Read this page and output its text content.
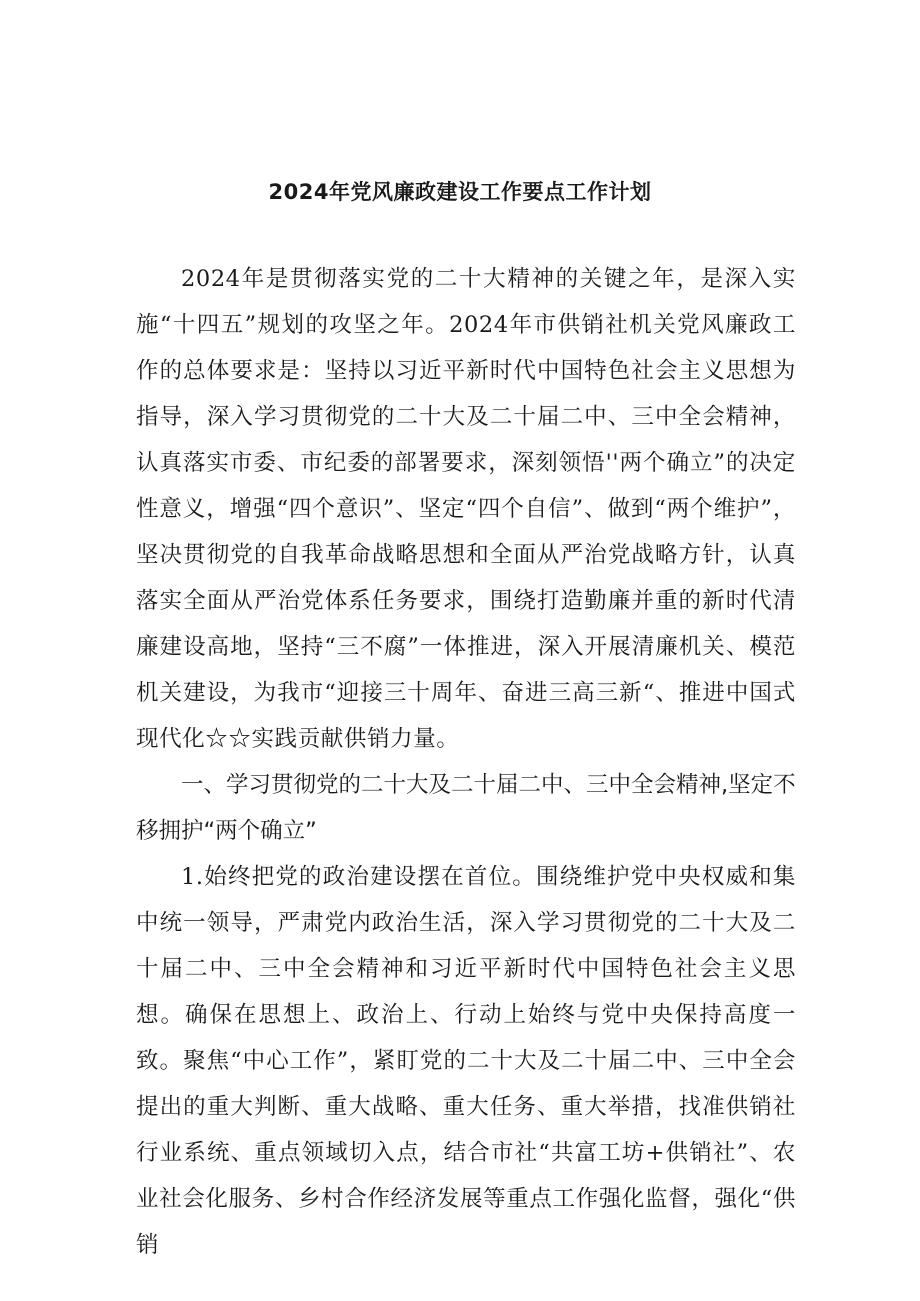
2024年党风廉政建设工作要点工作计划

2024年是贯彻落实党的二十大精神的关键之年，是深入实施“十四五”规划的攻坚之年。2024年市供销社机关党风廉政工作的总体要求是：坚持以习近平新时代中国特色社会主义思想为指导，深入学习贯彻党的二十大及二十届二中、三中全会精神，认真落实市委、市纪委的部署要求，深刻领悟''两个确立”的决定性意义，增强“四个意识”、坚定“四个自信”、做到“两个维护”，坚决贯彻党的自我革命战略思想和全面从严治党战略方针，认真落实全面从严治党体系任务要求，围绕打造勤廉并重的新时代清廉建设高地，坚持“三不腐”一体推进，深入开展清廉机关、模范机关建设，为我市“迎接三十周年、奋进三高三新“、推进中国式现代化☆☆实践贡献供销力量。

一、学习贯彻党的二十大及二十届二中、三中全会精神,坚定不移拥护“两个确立”

1.始终把党的政治建设摆在首位。围绕维护党中央权威和集中统一领导，严肃党内政治生活，深入学习贯彻党的二十大及二十届二中、三中全会精神和习近平新时代中国特色社会主义思想。确保在思想上、政治上、行动上始终与党中央保持高度一致。聚焦“中心工作”，紧盯党的二十大及二十届二中、三中全会提出的重大判断、重大战略、重大任务、重大举措，找准供销社行业系统、重点领域切入点，结合市社“共富工坊+供销社”、农业社会化服务、乡村合作经济发展等重点工作强化监督，强化“供销
